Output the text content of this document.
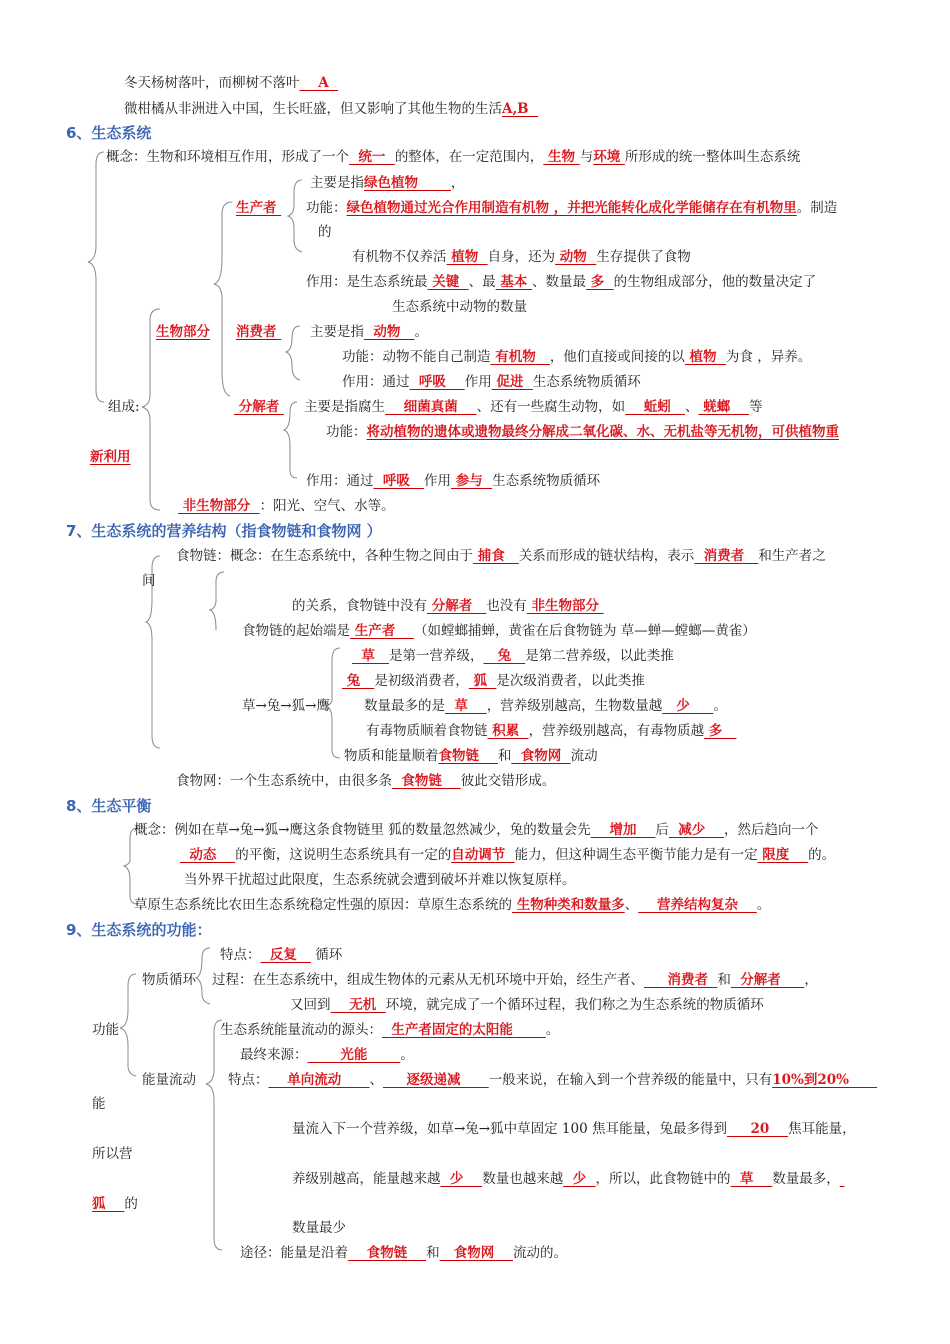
冬天杨树落叶，而柳树不落叶    A
微柑橘从非洲进入中国，生长旺盛，但又影响了其他生物的生活A,B
6、生态系统
概念：生物和环境相互作用，形成了一个  统一  的整体，在一定范围内， 生物 与环境 所形成的统一整体叫生态系统
主要是指绿色植物       ，
生产者 功能：绿色植物通过光合作用制造有机物 ，并把光能转化成化学能储存在有机物里。制造
的
有机物不仅养活 植物  自身，还为 动物  生存提供了食物
作用：是生态系统最 关键  、最 基本 、数量最 多  的生物组成部分，他的数量决定了
生态系统中动物的数量
生物部分 消费者 主要是指  动物   。
功能：动物不能自己制造 有机物   ，他们直接或间接的以 植物  为食 ，异养。
作用：通过  呼吸    作用 促进  生态系统物质循环
组成:	分解者 主要是指腐生    细菌真菌    、还有一些腐生动物，如    蚯蚓   、 蜣螂    等
功能：将动植物的遗体或遗物最终分解成二氧化碳、水、无机盐等无机物，可供植物重
新利用
作用：通过  呼吸   作用 参与  生态系统物质循环
非生物部分  ：阳光、空气、水等。
7、生态系统的营养结构（指食物链和食物网 ）
食物链：概念：在生态系统中，各种生物之间由于 捕食   关系而形成的链状结构，表示  消费者   和生产者之
间
的关系，食物链中没有 分解者   也没有 非生物部分
食物链的起始端是 生产者    （如螳螂捕蝉，黄雀在后食物链为 草—蝉—螳螂—黄雀）
草   是第一营养级，   兔   是第二营养级，以此类推
兔   是初级消费者， 狐  是次级消费者，以此类推
草→兔→狐→鹰	数量最多的是  草    ，营养级别越高，生物数量越   少     。
有毒物质顺着食物链 积累  ，营养级别越高，有毒物质越 多
物质和能量顺着食物链    和  食物网  流动
食物网：一个生态系统中，由很多条  食物链    彼此交错形成。
8、生态平衡
概念：例如在草→兔→狐→鹰这条食物链里 狐的数量忽然减少，兔的数量会先    增加    后  减少    ，然后趋向一个
动态    的平衡，这说明生态系统具有一定的自动调节  能力，但这种调生态平衡节能力是有一定 限度    的。
当外界干扰超过此限度，生态系统就会遭到破坏并难以恢复原样。
草原生态系统比农田生态系统稳定性强的原因：草原生态系统的 生物种类和数量多、    营养结构复杂    。
9、生态系统的功能：
特点：  反复    循环
物质循环 过程：在生态系统中，组成生物体的元素从无机环境中开始，经生产者、     消费者  和  分解者     ，
又回到    无机  环境，就完成了一个循环过程，我们称之为生态系统的物质循环
功能	生态系统能量流动的源头：  生产者固定的太阳能       。
最终来源：       光能       。
能量流动 特点：    单向流动      、     逐级递减      一般来说，在输入到一个营养级的能量中，只有10%到20%
能
量流入下一个营养级，如草→兔→狐中草固定 100 焦耳能量，兔最多得到     20    焦耳能量，
所以营
养级别越高，能量越来越  少    数量也越来越  少  ，所以，此食物链中的  草    数量最多，
狐    的
数量最少
途径：能量是沿着    食物链    和   食物网    流动的。
